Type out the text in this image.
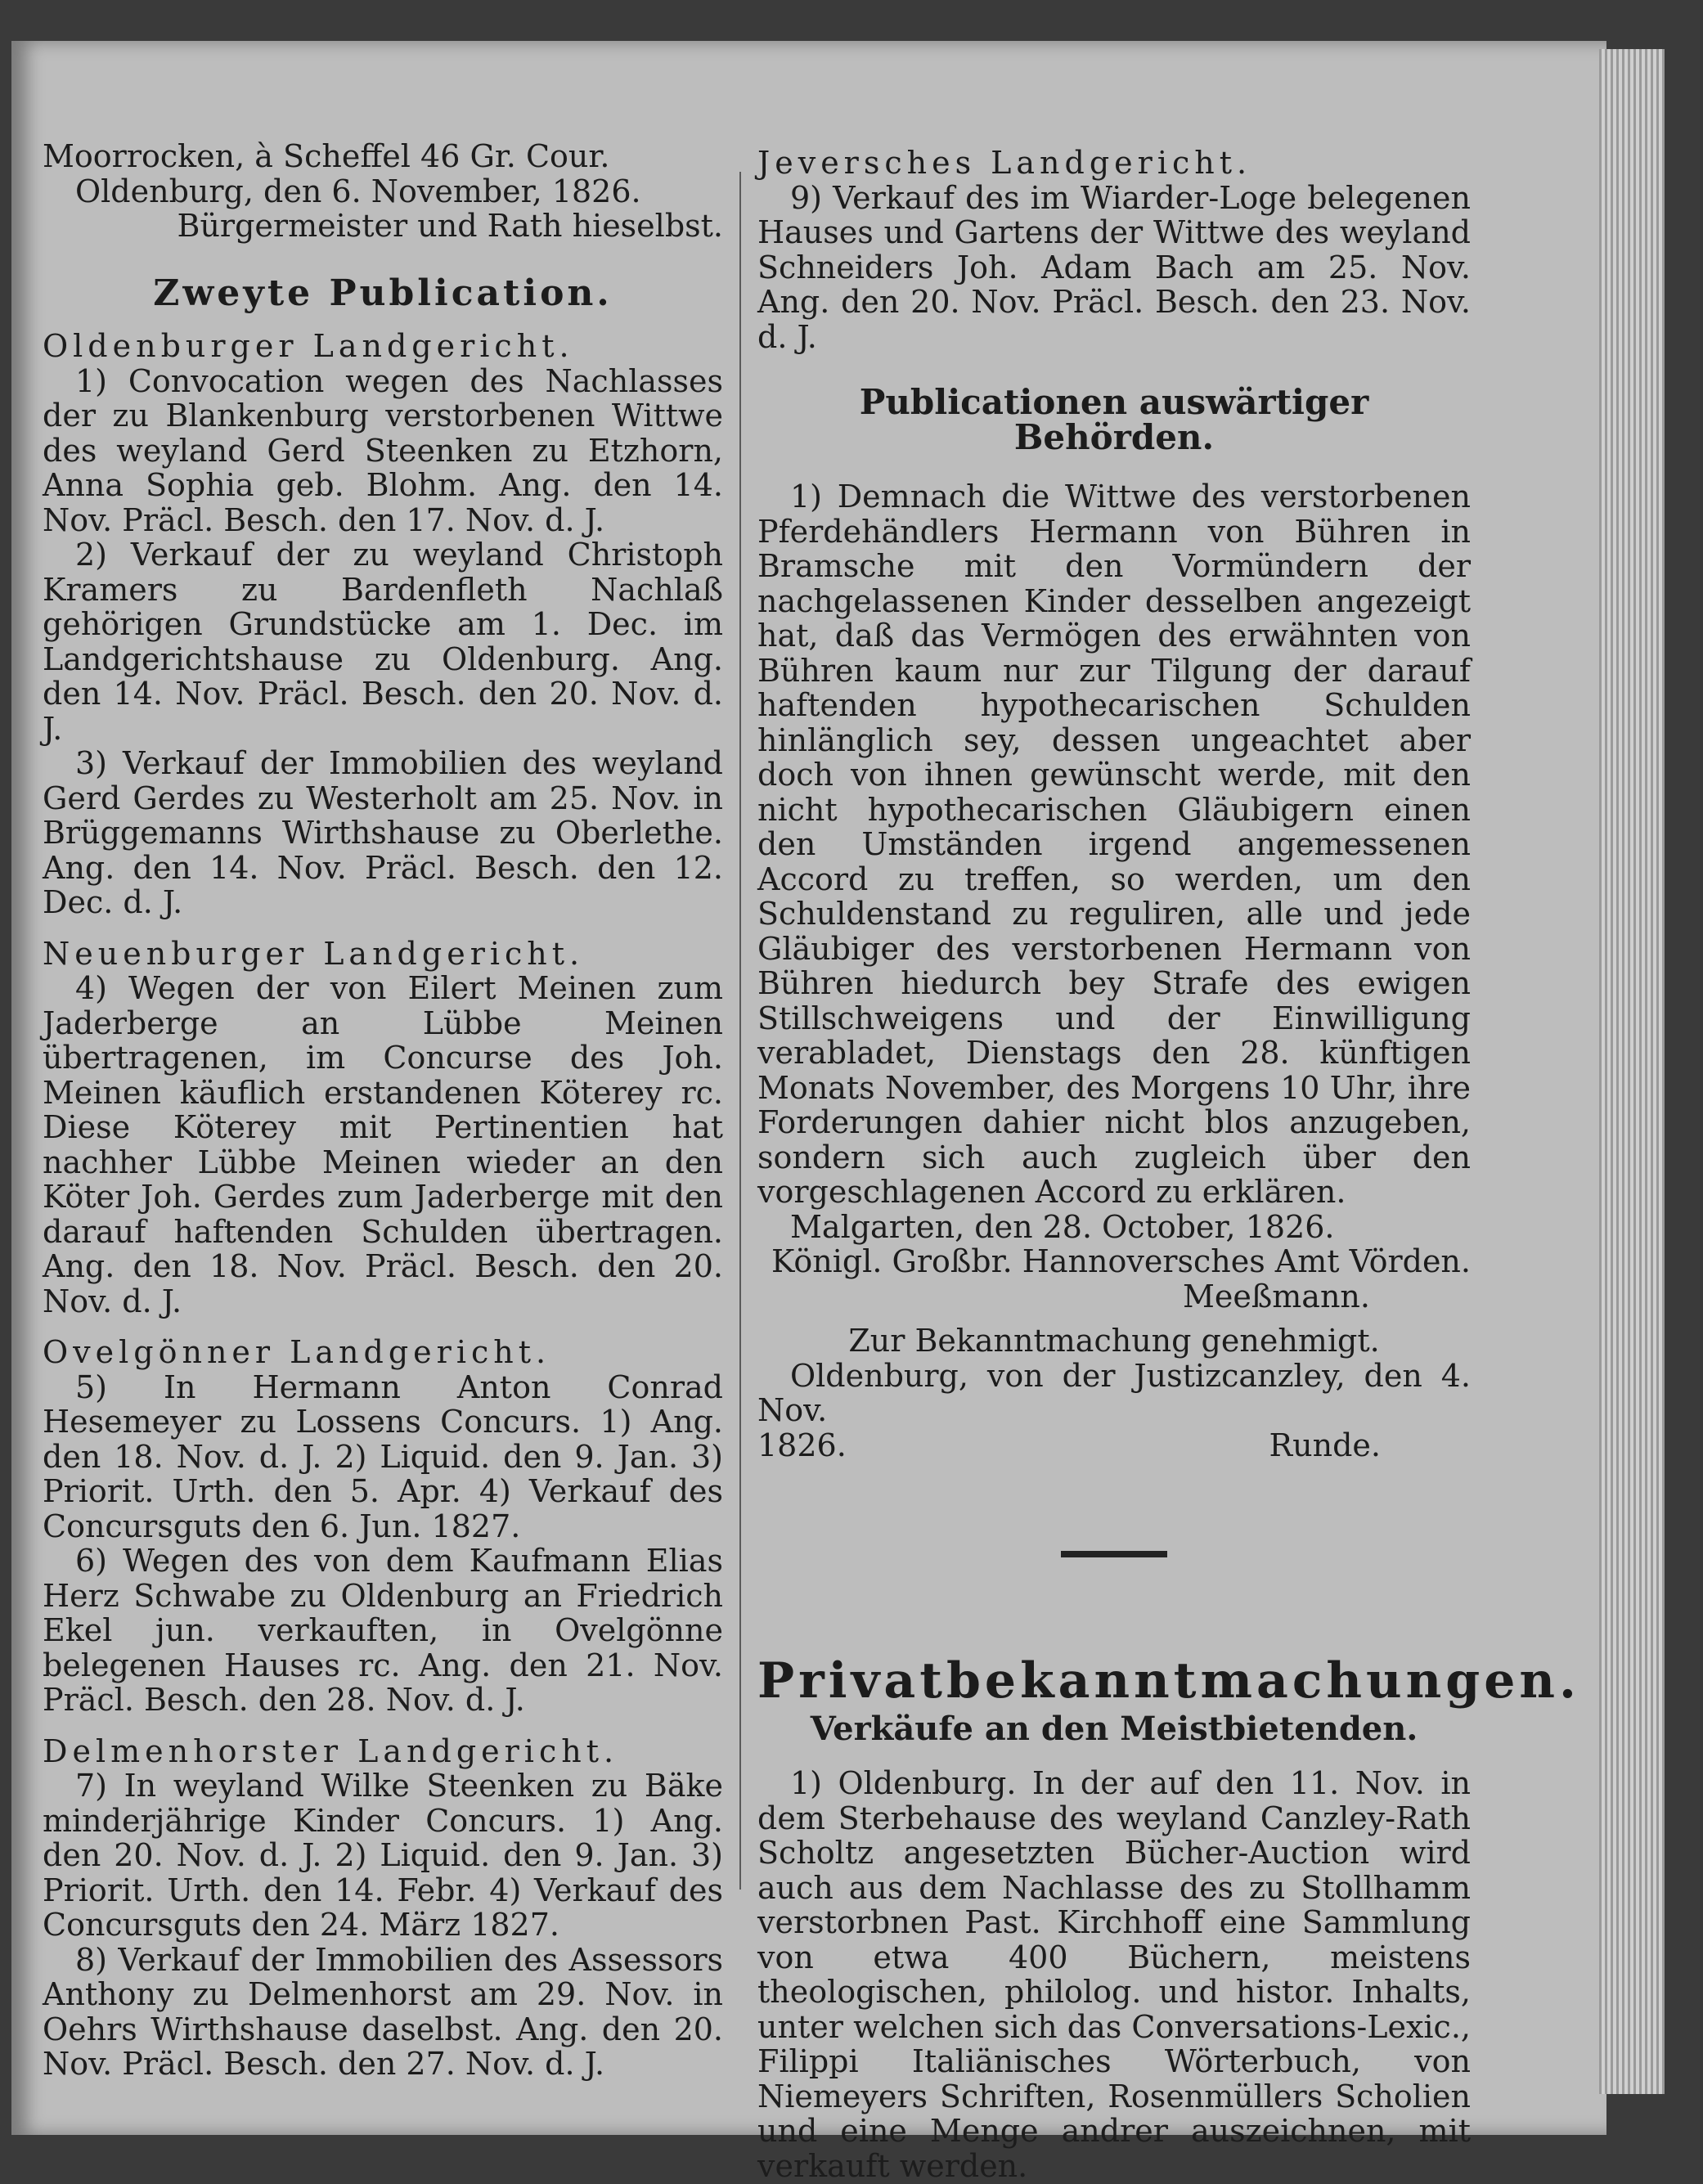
Moorrocken, à Scheffel 46 Gr. Cour.

Oldenburg, den 6. November, 1826.

Bürgermeister und Rath hieselbst.

Zweyte Publication.

Oldenburger Landgericht.

1) Convocation wegen des Nachlasses der zu Blankenburg verstorbenen Wittwe des weyland Gerd Steenken zu Etzhorn, Anna Sophia geb. Blohm. Ang. den 14. Nov. Präcl. Besch. den 17. Nov. d. J.

2) Verkauf der zu weyland Christoph Kramers zu Bardenfleth Nachlaß gehörigen Grundstücke am 1. Dec. im Landgerichtshause zu Oldenburg. Ang. den 14. Nov. Präcl. Besch. den 20. Nov. d. J.

3) Verkauf der Immobilien des weyland Gerd Gerdes zu Westerholt am 25. Nov. in Brüggemanns Wirthshause zu Oberlethe. Ang. den 14. Nov. Präcl. Besch. den 12. Dec. d. J.

Neuenburger Landgericht.

4) Wegen der von Eilert Meinen zum Jaderberge an Lübbe Meinen übertragenen, im Concurse des Joh. Meinen käuflich erstandenen Köterey rc. Diese Köterey mit Pertinentien hat nachher Lübbe Meinen wieder an den Köter Joh. Gerdes zum Jaderberge mit den darauf haftenden Schulden übertragen. Ang. den 18. Nov. Präcl. Besch. den 20. Nov. d. J.

Ovelgönner Landgericht.

5) In Hermann Anton Conrad Hesemeyer zu Lossens Concurs. 1) Ang. den 18. Nov. d. J. 2) Liquid. den 9. Jan. 3) Priorit. Urth. den 5. Apr. 4) Verkauf des Concursguts den 6. Jun. 1827.

6) Wegen des von dem Kaufmann Elias Herz Schwabe zu Oldenburg an Friedrich Ekel jun. verkauften, in Ovelgönne belegenen Hauses rc. Ang. den 21. Nov. Präcl. Besch. den 28. Nov. d. J.

Delmenhorster Landgericht.

7) In weyland Wilke Steenken zu Bäke minderjährige Kinder Concurs. 1) Ang. den 20. Nov. d. J. 2) Liquid. den 9. Jan. 3) Priorit. Urth. den 14. Febr. 4) Verkauf des Concursguts den 24. März 1827.

8) Verkauf der Immobilien des Assessors Anthony zu Delmenhorst am 29. Nov. in Oehrs Wirthshause daselbst. Ang. den 20. Nov. Präcl. Besch. den 27. Nov. d. J.

Jeversches Landgericht.

9) Verkauf des im Wiarder-Loge belegenen Hauses und Gartens der Wittwe des weyland Schneiders Joh. Adam Bach am 25. Nov. Ang. den 20. Nov. Präcl. Besch. den 23. Nov. d. J.

Publicationen auswärtiger Behörden.

1) Demnach die Wittwe des verstorbenen Pferdehändlers Hermann von Bühren in Bramsche mit den Vormündern der nachgelassenen Kinder desselben angezeigt hat, daß das Vermögen des erwähnten von Bühren kaum nur zur Tilgung der darauf haftenden hypothecarischen Schulden hinlänglich sey, dessen ungeachtet aber doch von ihnen gewünscht werde, mit den nicht hypothecarischen Gläubigern einen den Umständen irgend angemessenen Accord zu treffen, so werden, um den Schuldenstand zu reguliren, alle und jede Gläubiger des verstorbenen Hermann von Bühren hiedurch bey Strafe des ewigen Stillschweigens und der Einwilligung verabladet, Dienstags den 28. künftigen Monats November, des Morgens 10 Uhr, ihre Forderungen dahier nicht blos anzugeben, sondern sich auch zugleich über den vorgeschlagenen Accord zu erklären.

Malgarten, den 28. October, 1826.

Königl. Großbr. Hannoversches Amt Vörden.

Meeßmann.

Zur Bekanntmachung genehmigt.

Oldenburg, von der Justizcanzley, den 4. Nov.

1826.	Runde.
Privatbekanntmachungen.
Verkäufe an den Meistbietenden.

1) Oldenburg. In der auf den 11. Nov. in dem Sterbehause des weyland Canzley-Rath Scholtz angesetzten Bücher-Auction wird auch aus dem Nachlasse des zu Stollhamm verstorbnen Past. Kirchhoff eine Sammlung von etwa 400 Büchern, meistens theologischen, philolog. und histor. Inhalts, unter welchen sich das Conversations-Lexic., Filippi Italiänisches Wörterbuch, von Niemeyers Schriften, Rosenmüllers Scholien und eine Menge andrer auszeichnen, mit verkauft werden.
